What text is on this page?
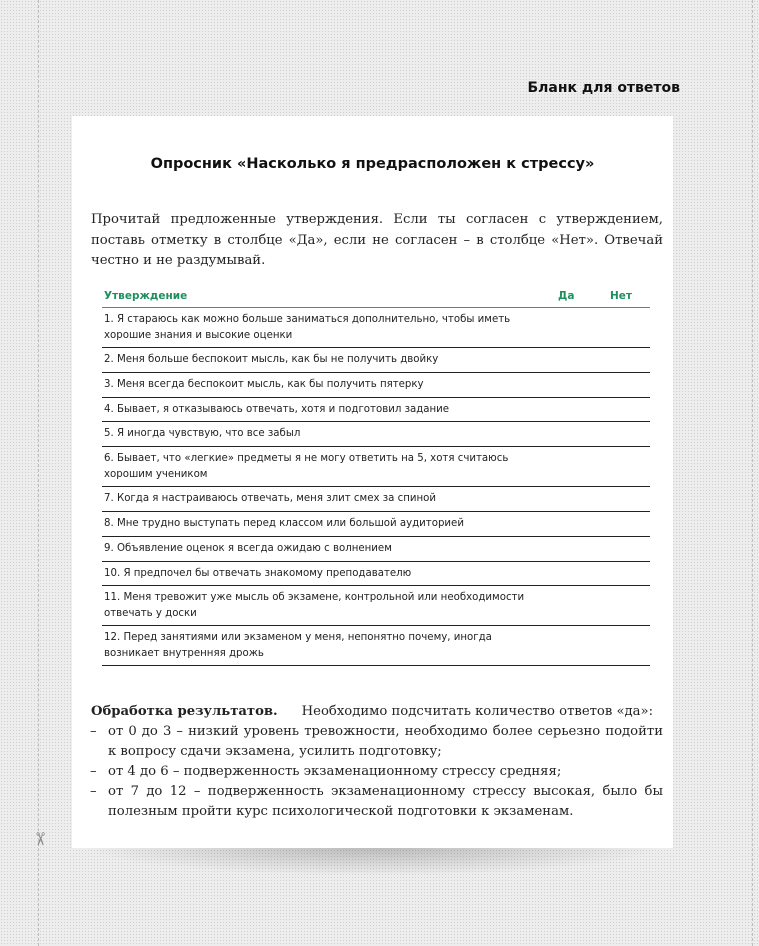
✂
Бланк для ответов
Опросник «Насколько я предрасположен к стрессу»
Прочитай предложенные утверждения. Если ты согласен с утверждением, поставь отметку в столбце «Да», если не согласен – в столбце «Нет». Отвечай честно и не раздумывай.
Утверждение	Да	Нет
1. Я стараюсь как можно больше заниматься дополнительно, чтобы иметь хорошие знания и высокие оценки
2. Меня больше беспокоит мысль, как бы не получить двойку
3. Меня всегда беспокоит мысль, как бы получить пятерку
4. Бывает, я отказываюсь отвечать, хотя и подготовил задание
5. Я иногда чувствую, что все забыл
6. Бывает, что «легкие» предметы я не могу ответить на 5, хотя считаюсь хорошим учеником
7. Когда я настраиваюсь отвечать, меня злит смех за спиной
8. Мне трудно выступать перед классом или большой аудиторией
9. Объявление оценок я всегда ожидаю с волнением
10. Я предпочел бы отвечать знакомому преподавателю
11. Меня тревожит уже мысль об экзамене, контрольной или необходимости отвечать у доски
12. Перед занятиями или экзаменом у меня, непонятно почему, иногда возникает внутренняя дрожь

Обработка результатов. Необходимо подсчитать количество ответов «да»:

– от 0 до 3 – низкий уровень тревожности, необходимо более серьезно подойти к вопросу сдачи экзамена, усилить подготовку;
– от 4 до 6 – подверженность экзаменационному стрессу средняя;
– от 7 до 12 – подверженность экзаменационному стрессу высокая, было бы полезным пройти курс психологической подготовки к экзаменам.
